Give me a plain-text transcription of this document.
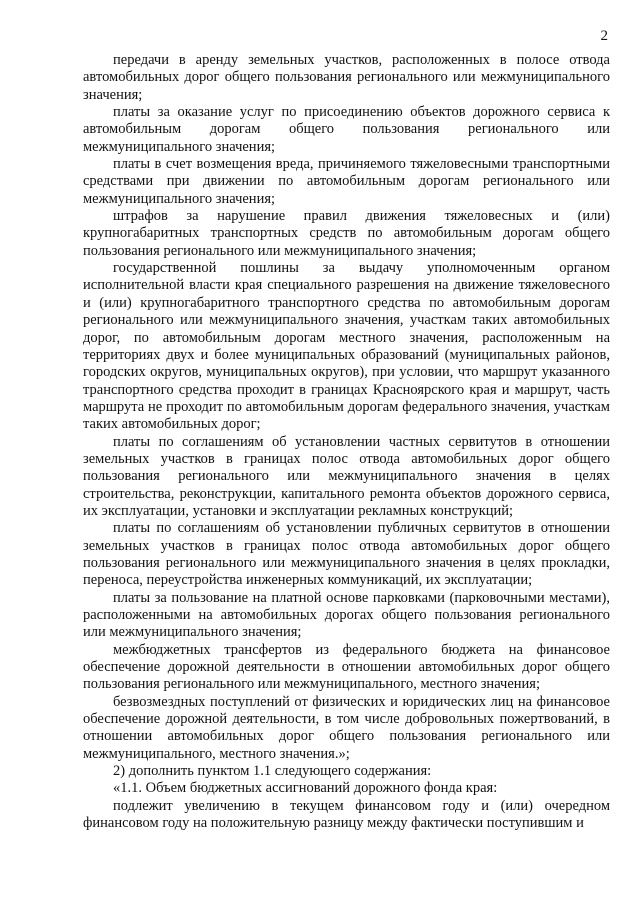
2

передачи в аренду земельных участков, расположенных в полосе отвода автомобильных дорог общего пользования регионального или межмуниципального значения;

платы за оказание услуг по присоединению объектов дорожного сервиса к автомобильным дорогам общего пользования регионального или межмуниципального значения;

платы в счет возмещения вреда, причиняемого тяжеловесными транспортными средствами при движении по автомобильным дорогам регионального или межмуниципального значения;

штрафов за нарушение правил движения тяжеловесных и (или) крупногабаритных транспортных средств по автомобильным дорогам общего пользования регионального или межмуниципального значения;

государственной пошлины за выдачу уполномоченным органом исполнительной власти края специального разрешения на движение тяжеловесного и (или) крупногабаритного транспортного средства по автомобильным дорогам регионального или межмуниципального значения, участкам таких автомобильных дорог, по автомобильным дорогам местного значения, расположенным на территориях двух и более муниципальных образований (муниципальных районов, городских округов, муниципальных округов), при условии, что маршрут указанного транспортного средства проходит в границах Красноярского края и маршрут, часть маршрута не проходит по автомобильным дорогам федерального значения, участкам таких автомобильных дорог;

платы по соглашениям об установлении частных сервитутов в отношении земельных участков в границах полос отвода автомобильных дорог общего пользования регионального или межмуниципального значения в целях строительства, реконструкции, капитального ремонта объектов дорожного сервиса, их эксплуатации, установки и эксплуатации рекламных конструкций;

платы по соглашениям об установлении публичных сервитутов в отношении земельных участков в границах полос отвода автомобильных дорог общего пользования регионального или межмуниципального значения в целях прокладки, переноса, переустройства инженерных коммуникаций, их эксплуатации;

платы за пользование на платной основе парковками (парковочными местами), расположенными на автомобильных дорогах общего пользования регионального или межмуниципального значения;

межбюджетных трансфертов из федерального бюджета на финансовое обеспечение дорожной деятельности в отношении автомобильных дорог общего пользования регионального или межмуниципального, местного значения;

безвозмездных поступлений от физических и юридических лиц на финансовое обеспечение дорожной деятельности, в том числе добровольных пожертвований, в отношении автомобильных дорог общего пользования регионального или межмуниципального, местного значения.»;

2) дополнить пунктом 1.1 следующего содержания:

«1.1. Объем бюджетных ассигнований дорожного фонда края:

подлежит увеличению в текущем финансовом году и (или) очередном финансовом году на положительную разницу между фактически поступившим и
